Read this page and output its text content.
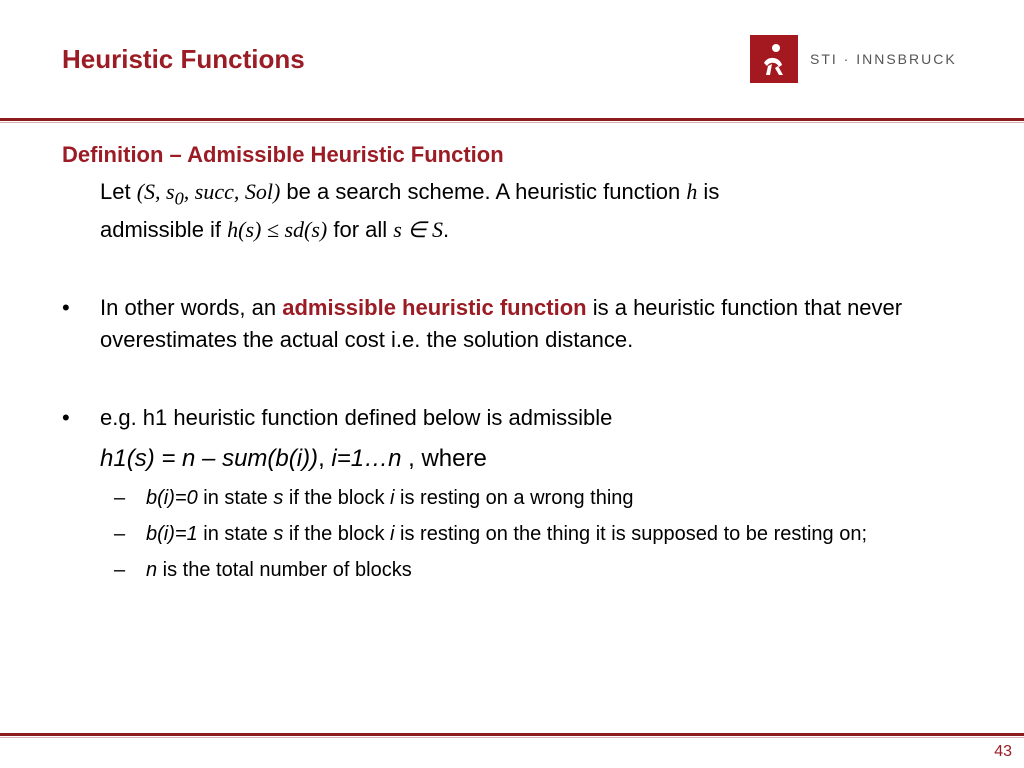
Heuristic Functions	STI · INNSBRUCK

Definition – Admissible Heuristic Function

Let (S, $s_0$, succ, Sol) be a search scheme. A heuristic function h is
admissible if h(s) ≤ sd(s) for all s ∈ S.
• In other words, an admissible heuristic function is a heuristic function that never overestimates the actual cost i.e. the solution distance.
• e.g. h1 heuristic function defined below is admissible
h1(s) = n – sum(b(i)), i=1…n , where
– b(i)=0 in state s if the block i is resting on a wrong thing
– b(i)=1 in state s if the block i is resting on the thing it is supposed to be resting on;
– n is the total number of blocks
43
